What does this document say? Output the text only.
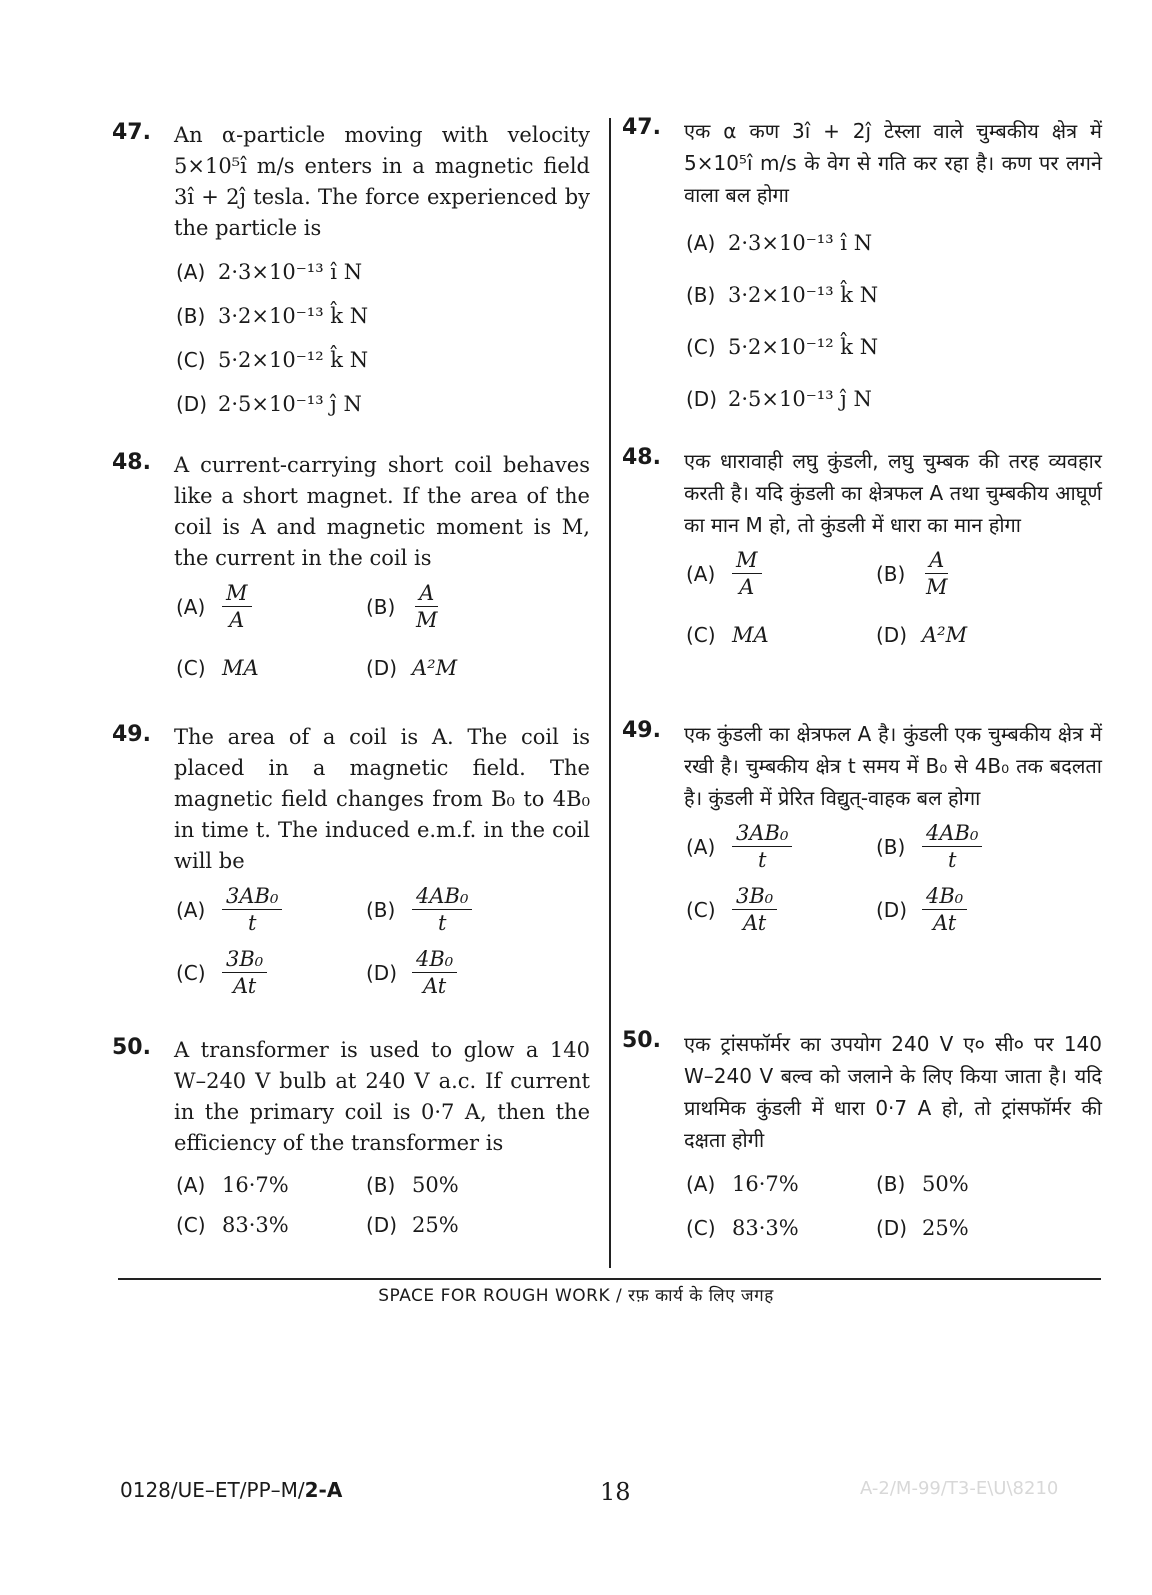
47. An α-particle moving with velocity 5×10⁵î m/s enters in a magnetic field 3î + 2ĵ tesla. The force experienced by the particle is
(A) 2·3×10⁻¹³ î N
(B) 3·2×10⁻¹³ k̂ N
(C) 5·2×10⁻¹² k̂ N
(D) 2·5×10⁻¹³ ĵ N
48. A current-carrying short coil behaves like a short magnet. If the area of the coil is A and magnetic moment is M, the current in the coil is
$(A) \frac{M}{A}$	$(B) \frac{A}{M}$
(C) MA	(D) A²M
49. The area of a coil is A. The coil is placed in a magnetic field. The magnetic field changes from B₀ to 4B₀ in time t. The induced e.m.f. in the coil will be
$(A) \frac{\text{3AB₀}}{t}$	$(B) \frac{\text{4AB₀}}{t}$
$(C) \frac{\text{3B₀}}{At}$	$(D) \frac{\text{4B₀}}{At}$
50. A transformer is used to glow a 140 W–240 V bulb at 240 V a.c. If current in the primary coil is 0·7 A, then the efficiency of the transformer is
(A) 16·7%	(B) 50%
(C) 83·3%	(D) 25%
47. एक α कण 3î + 2ĵ टेस्ला वाले चुम्बकीय क्षेत्र में 5×10⁵î m/s के वेग से गति कर रहा है। कण पर लगने वाला बल होगा
(A) 2·3×10⁻¹³ î N
(B) 3·2×10⁻¹³ k̂ N
(C) 5·2×10⁻¹² k̂ N
(D) 2·5×10⁻¹³ ĵ N
48. एक धारावाही लघु कुंडली, लघु चुम्बक की तरह व्यवहार करती है। यदि कुंडली का क्षेत्रफल A तथा चुम्बकीय आघूर्ण का मान M हो, तो कुंडली में धारा का मान होगा
$(A) \frac{M}{A}$	$(B) \frac{A}{M}$
(C) MA	(D) A²M
49. एक कुंडली का क्षेत्रफल A है। कुंडली एक चुम्बकीय क्षेत्र में रखी है। चुम्बकीय क्षेत्र t समय में B₀ से 4B₀ तक बदलता है। कुंडली में प्रेरित विद्युत्-वाहक बल होगा
$(A) \frac{\text{3AB₀}}{t}$	$(B) \frac{\text{4AB₀}}{t}$
$(C) \frac{\text{3B₀}}{At}$	$(D) \frac{\text{4B₀}}{At}$
50. एक ट्रांसफॉर्मर का उपयोग 240 V ए० सी० पर 140 W–240 V बल्व को जलाने के लिए किया जाता है। यदि प्राथमिक कुंडली में धारा 0·7 A हो, तो ट्रांसफॉर्मर की दक्षता होगी
(A) 16·7%	(B) 50%
(C) 83·3%	(D) 25%
SPACE FOR ROUGH WORK / रफ़ कार्य के लिए जगह
0128/UE–ET/PP–M/2-A	18	A-2/M-99/T3-E\U\8210
